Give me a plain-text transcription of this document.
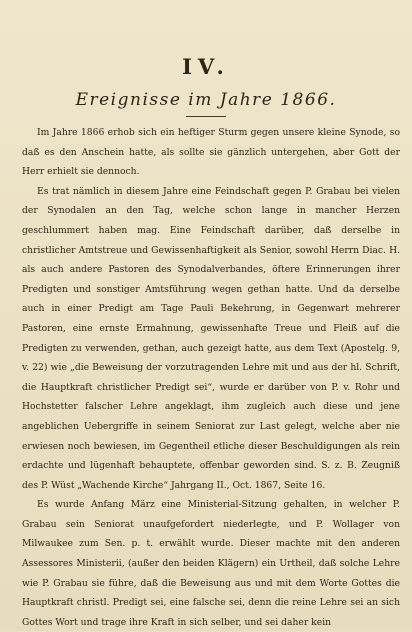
IV.
Ereignisse im Jahre 1866.

Im Jahre 1866 erhob sich ein heftiger Sturm gegen unsere kleine Synode, so daß es den Anschein hatte, als sollte sie gänzlich untergehen, aber Gott der Herr erhielt sie dennoch.

Es trat nämlich in diesem Jahre eine Feindschaft gegen P. Grabau bei vielen der Synodalen an den Tag, welche schon lange in mancher Herzen geschlummert haben mag. Eine Feindschaft darüber, daß derselbe in christlicher Amtstreue und Gewissenhaftigkeit als Senior, sowohl Herrn Diac. H. als auch andere Pastoren des Synodalverbandes, öftere Erinnerungen ihrer Predigten und sonstiger Amtsführung wegen gethan hatte. Und da derselbe auch in einer Predigt am Tage Pauli Bekehrung, in Gegenwart mehrerer Pastoren, eine ernste Ermahnung, gewissenhafte Treue und Fleiß auf die Predigten zu verwenden, gethan, auch gezeigt hatte, aus dem Text (Apostelg. 9, v. 22) wie „die Beweisung der vorzutragenden Lehre mit und aus der hl. Schrift, die Hauptkraft christlicher Predigt sei“, wurde er darüber von P. v. Rohr und Hochstetter falscher Lehre angeklagt, ihm zugleich auch diese und jene angeblichen Uebergriffe in seinem Seniorat zur Last gelegt, welche aber nie erwiesen noch bewiesen, im Gegentheil etliche dieser Beschuldigungen als rein erdachte und lügenhaft behauptete, offenbar geworden sind. S. z. B. Zeugniß des P. Wüst „Wachende Kirche“ Jahrgang II., Oct. 1867, Seite 16.

Es wurde Anfang März eine Ministerial-Sitzung gehalten, in welcher P. Grabau sein Seniorat unaufgefordert niederlegte, und P. Wollager von Milwaukee zum Sen. p. t. erwählt wurde. Dieser machte mit den anderen Assessores Ministerii, (außer den beiden Klägern) ein Urtheil, daß solche Lehre wie P. Grabau sie führe, daß die Beweisung aus und mit dem Worte Gottes die Hauptkraft christl. Predigt sei, eine falsche sei, denn die reine Lehre sei an sich Gottes Wort und trage ihre Kraft in sich selber, und sei daher kein
